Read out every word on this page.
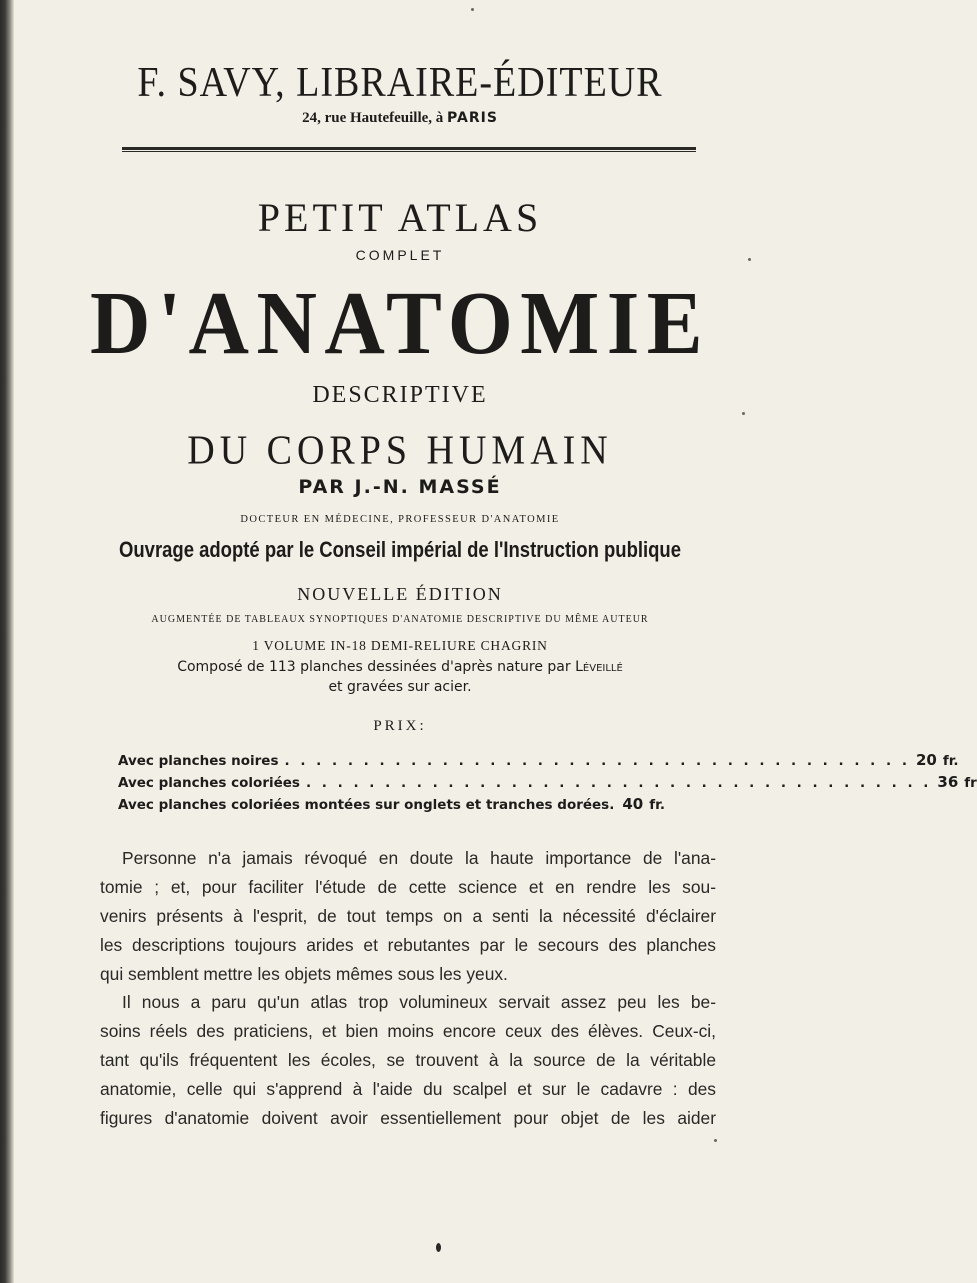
F. SAVY, LIBRAIRE-ÉDITEUR
24, rue Hautefeuille, à PARIS
PETIT ATLAS
COMPLET
D'ANATOMIE
DESCRIPTIVE
DU CORPS HUMAIN
PAR J.-N. MASSÉ
DOCTEUR EN MÉDECINE, PROFESSEUR D'ANATOMIE
Ouvrage adopté par le Conseil impérial de l'Instruction publique
NOUVELLE ÉDITION
AUGMENTÉE DE TABLEAUX SYNOPTIQUES D'ANATOMIE DESCRIPTIVE DU MÊME AUTEUR
1 VOLUME IN-18 DEMI-RELIURE CHAGRIN
Composé de 113 planches dessinées d'après nature par Léveillé
et gravées sur acier.
PRIX:
Avec planches noires . . . . . . . . . . . . . . . . . . . . . . . . . . . . . . . . . . . . . . . . 20 fr.
Avec planches coloriées . . . . . . . . . . . . . . . . . . . . . . . . . . . . . . . . . . . . . . . . 36 fr
Avec planches coloriées montées sur onglets et tranches dorées. 40 fr.
Personne n'a jamais révoqué en doute la haute importance de l'ana-
tomie ; et, pour faciliter l'étude de cette science et en rendre les sou-
venirs présents à l'esprit, de tout temps on a senti la nécessité d'éclairer
les descriptions toujours arides et rebutantes par le secours des planches
qui semblent mettre les objets mêmes sous les yeux.
Il nous a paru qu'un atlas trop volumineux servait assez peu les be-
soins réels des praticiens, et bien moins encore ceux des élèves. Ceux-ci,
tant qu'ils fréquentent les écoles, se trouvent à la source de la véritable
anatomie, celle qui s'apprend à l'aide du scalpel et sur le cadavre : des
figures d'anatomie doivent avoir essentiellement pour objet de les aider
